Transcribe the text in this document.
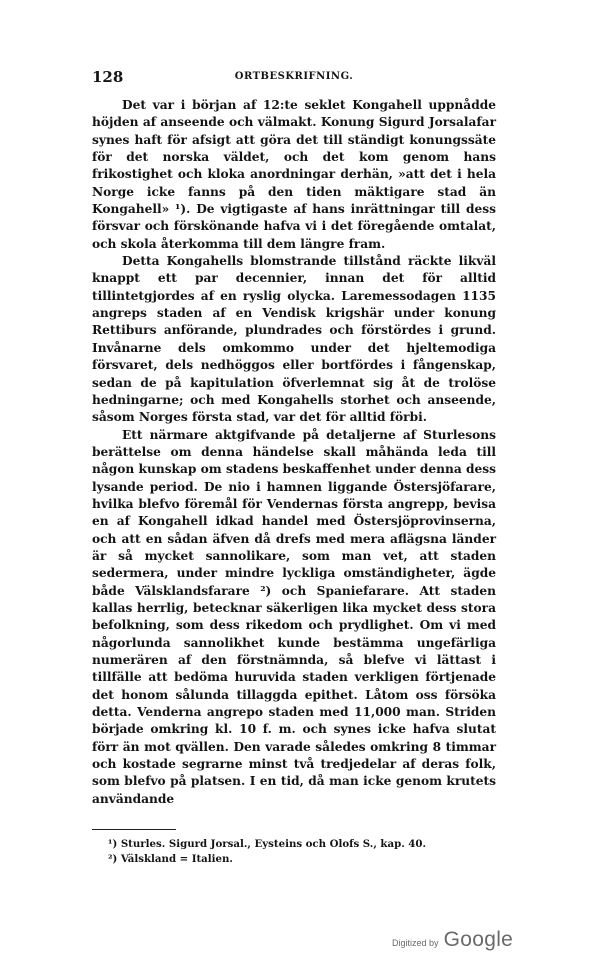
128	ORTBESKRIFNING.

Det var i början af 12:te seklet Kongahell uppnådde höjden af anseende och välmakt. Konung Sigurd Jorsalafar synes haft för afsigt att göra det till ständigt konungssäte för det norska väldet, och det kom genom hans frikostighet och kloka anordningar derhän, »att det i hela Norge icke fanns på den tiden mäktigare stad än Kongahell» ¹). De vigtigaste af hans inrättningar till dess försvar och förskönande hafva vi i det föregående omtalat, och skola återkomma till dem längre fram.

Detta Kongahells blomstrande tillstånd räckte likväl knappt ett par decennier, innan det för alltid tillintetgjordes af en ryslig olycka. Laremessodagen 1135 angreps staden af en Vendisk krigshär under konung Rettiburs anförande, plundrades och förstördes i grund. Invånarne dels omkommo under det hjeltemodiga försvaret, dels nedhöggos eller bortfördes i fångenskap, sedan de på kapitulation öfverlemnat sig åt de trolöse hedningarne; och med Kongahells storhet och anseende, såsom Norges första stad, var det för alltid förbi.

Ett närmare aktgifvande på detaljerne af Sturlesons berättelse om denna händelse skall måhända leda till någon kunskap om stadens beskaffenhet under denna dess lysande period. De nio i hamnen liggande Östersjöfarare, hvilka blefvo föremål för Vendernas första angrepp, bevisa en af Kongahell idkad handel med Östersjöprovinserna, och att en sådan äfven då drefs med mera aflägsna länder är så mycket sannolikare, som man vet, att staden sedermera, under mindre lyckliga omständigheter, ägde både Välsklandsfarare ²) och Spaniefarare. Att staden kallas herrlig, betecknar säkerligen lika mycket dess stora befolkning, som dess rikedom och prydlighet. Om vi med någorlunda sannolikhet kunde bestämma ungefärliga numerären af den förstnämnda, så blefve vi lättast i tillfälle att bedöma huruvida staden verkligen förtjenade det honom sålunda tillaggda epithet. Låtom oss försöka detta. Venderna angrepo staden med 11,000 man. Striden började omkring kl. 10 f. m. och synes icke hafva slutat förr än mot qvällen. Den varade således omkring 8 timmar och kostade segrarne minst två tredjedelar af deras folk, som blefvo på platsen. I en tid, då man icke genom krutets användande

¹) Sturles. Sigurd Jorsal., Eysteins och Olofs S., kap. 40.
²) Välskland = Italien.
Digitized by Google
